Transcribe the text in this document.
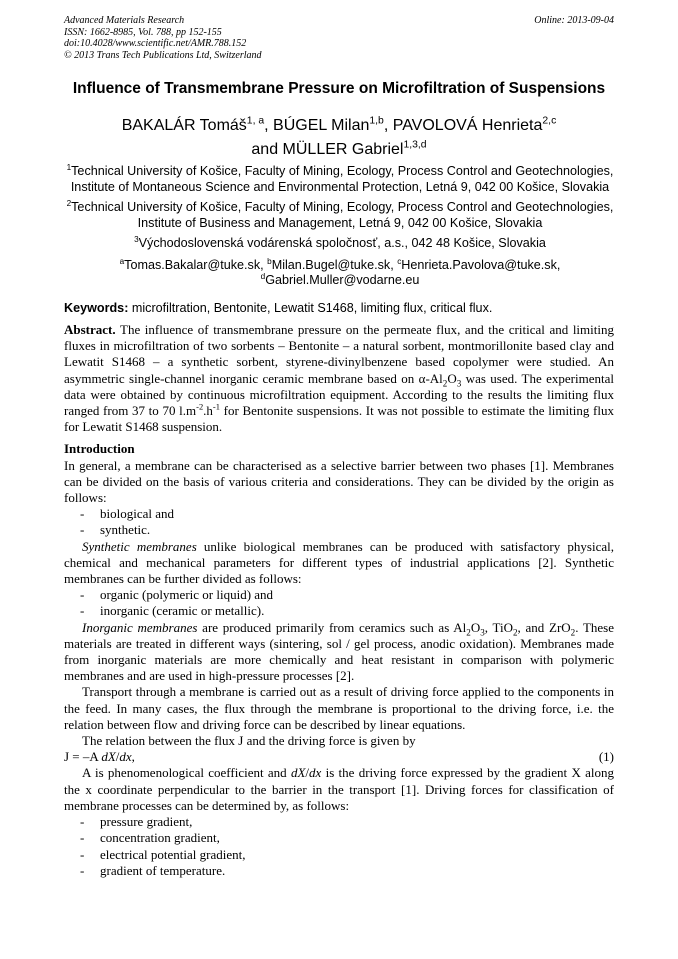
Advanced Materials Research
ISSN: 1662-8985, Vol. 788, pp 152-155
doi:10.4028/www.scientific.net/AMR.788.152
© 2013 Trans Tech Publications Ltd, Switzerland
Online: 2013-09-04
Influence of Transmembrane Pressure on Microfiltration of Suspensions
BAKALÁR Tomáš$^{1, a}$, BÚGEL Milan$^{1,b}$, PAVOLOVÁ Henrieta$^{2,c}$
and MÜLLER Gabriel$^{1,3,d}$
$^1$Technical University of Košice, Faculty of Mining, Ecology, Process Control and Geotechnologies,
Institute of Montaneous Science and Environmental Protection, Letná 9, 042 00 Košice, Slovakia
$^2$Technical University of Košice, Faculty of Mining, Ecology, Process Control and Geotechnologies,
Institute of Business and Management, Letná 9, 042 00 Košice, Slovakia
$^3$Východoslovenská vodárenská spoločnosť, a.s., 042 48 Košice, Slovakia
$^a$Tomas.Bakalar@tuke.sk, $^b$Milan.Bugel@tuke.sk, $^c$Henrieta.Pavolova@tuke.sk,
$^d$Gabriel.Muller@vodarne.eu
Keywords: microfiltration, Bentonite, Lewatit S1468, limiting flux, critical flux.

Abstract. The influence of transmembrane pressure on the permeate flux, and the critical and limiting fluxes in microfiltration of two sorbents – Bentonite – a natural sorbent, montmorillonite based clay and Lewatit S1468 – a synthetic sorbent, styrene-divinylbenzene based copolymer were studied. An asymmetric single-channel inorganic ceramic membrane based on $\alpha-Al_2O_3$ was used. The experimental data were obtained by continuous microfiltration equipment. According to the results the limiting flux ranged from 37 to 70 $l.m^{-2}.h^{-1}$ for Bentonite suspensions. It was not possible to estimate the limiting flux for Lewatit S1468 suspension.

Introduction

In general, a membrane can be characterised as a selective barrier between two phases [1]. Membranes can be divided on the basis of various criteria and considerations. They can be divided by the origin as follows:

- biological and
- synthetic.

Synthetic membranes unlike biological membranes can be produced with satisfactory physical, chemical and mechanical parameters for different types of industrial applications [2]. Synthetic membranes can be further divided as follows:

- organic (polymeric or liquid) and
- inorganic (ceramic or metallic).

Inorganic membranes are produced primarily from ceramics such as $Al_2O_3$, TiO$_2$, and ZrO$_2$. These materials are treated in different ways (sintering, sol / gel process, anodic oxidation). Membranes made from inorganic materials are more chemically and heat resistant in comparison with polymeric membranes and are used in high-pressure processes [2].

Transport through a membrane is carried out as a result of driving force applied to the components in the feed. In many cases, the flux through the membrane is proportional to the driving force, i.e. the relation between flow and driving force can be described by linear equations.

The relation between the flux J and the driving force is given by

J = –A dX/dx,	(1)

A is phenomenological coefficient and dX/dx is the driving force expressed by the gradient X along the x coordinate perpendicular to the barrier in the transport [1]. Driving forces for classification of membrane processes can be determined by, as follows:

- pressure gradient,
- concentration gradient,
- electrical potential gradient,
- gradient of temperature.
